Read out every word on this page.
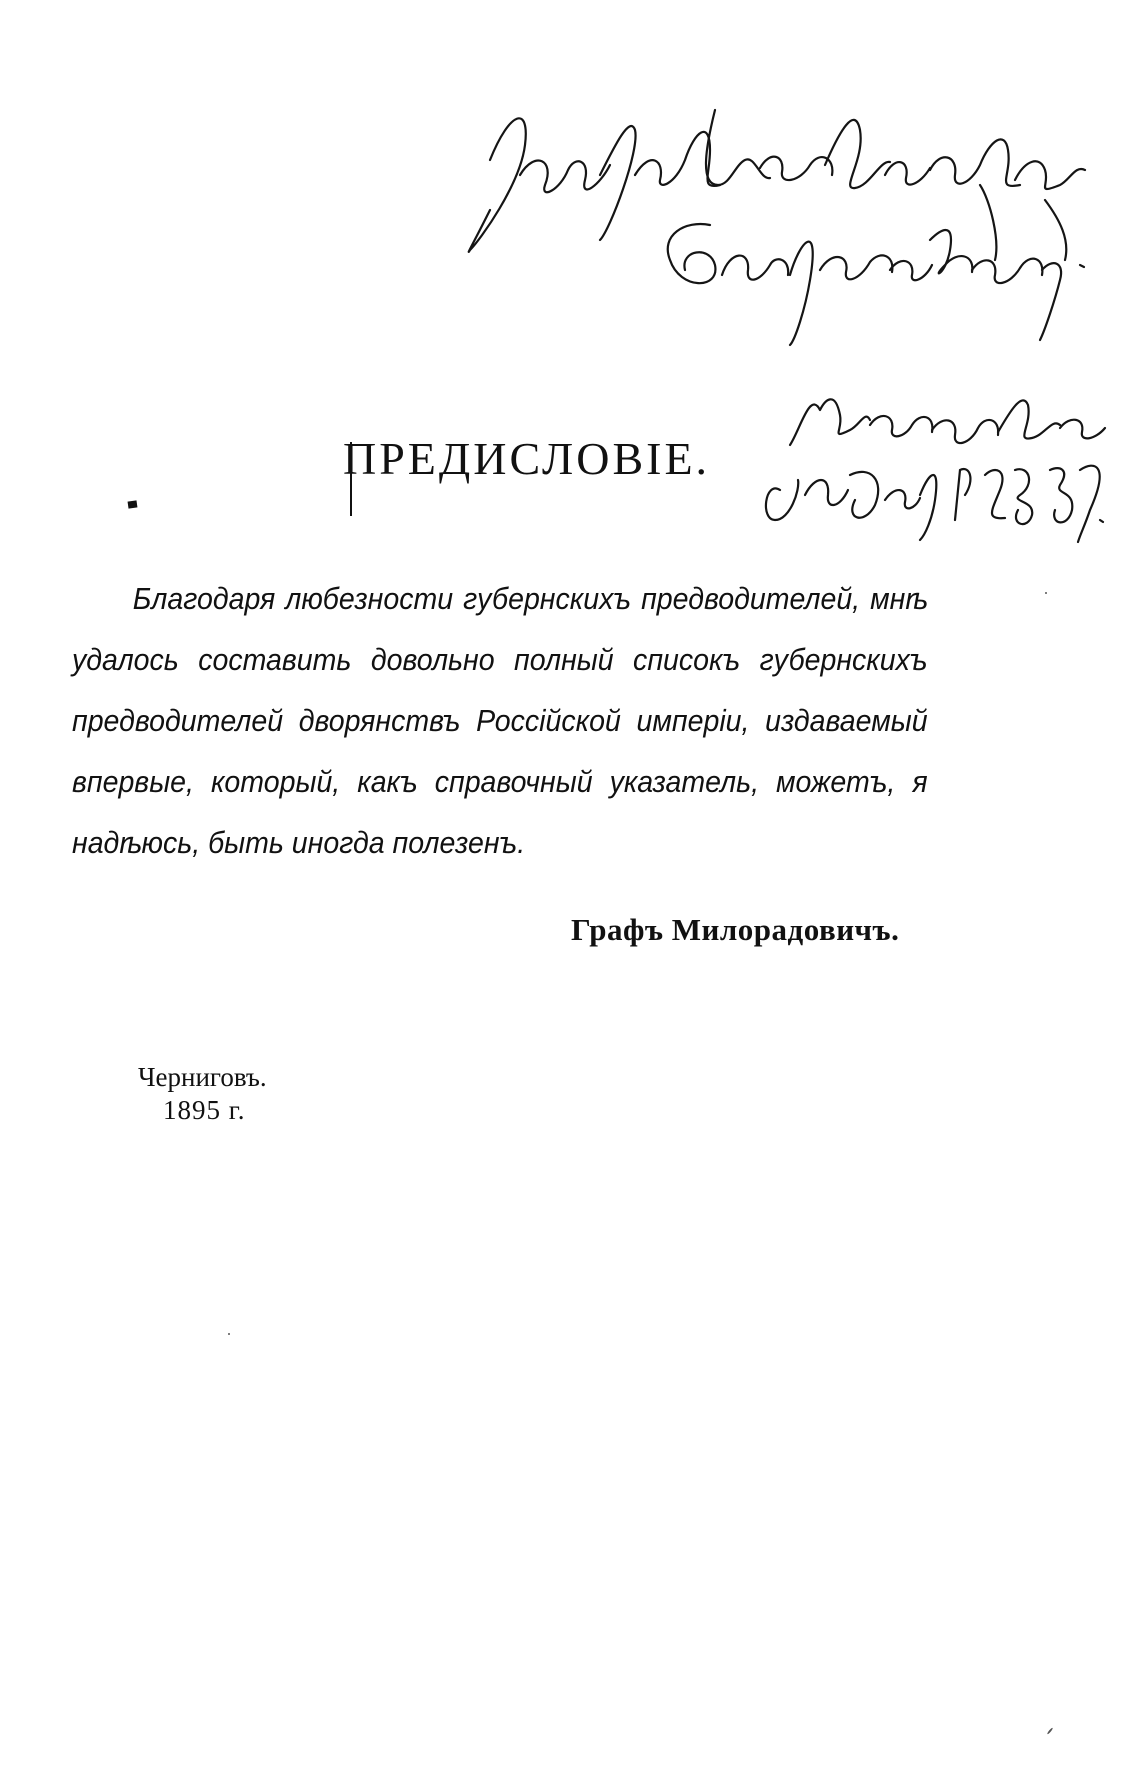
ПРЕДИСЛОВІЕ.
Благодаря любезности губернскихъ предводителей, мнѣ
удалось составить довольно полный списокъ губернскихъ
предводителей дворянствъ Россійской имперіи, издаваемый
впервые, который, какъ справочный указатель, можетъ, я
надѣюсь, быть иногда полезенъ.
Графъ Милорадовичъ.
Черниговъ.
1895 г.
